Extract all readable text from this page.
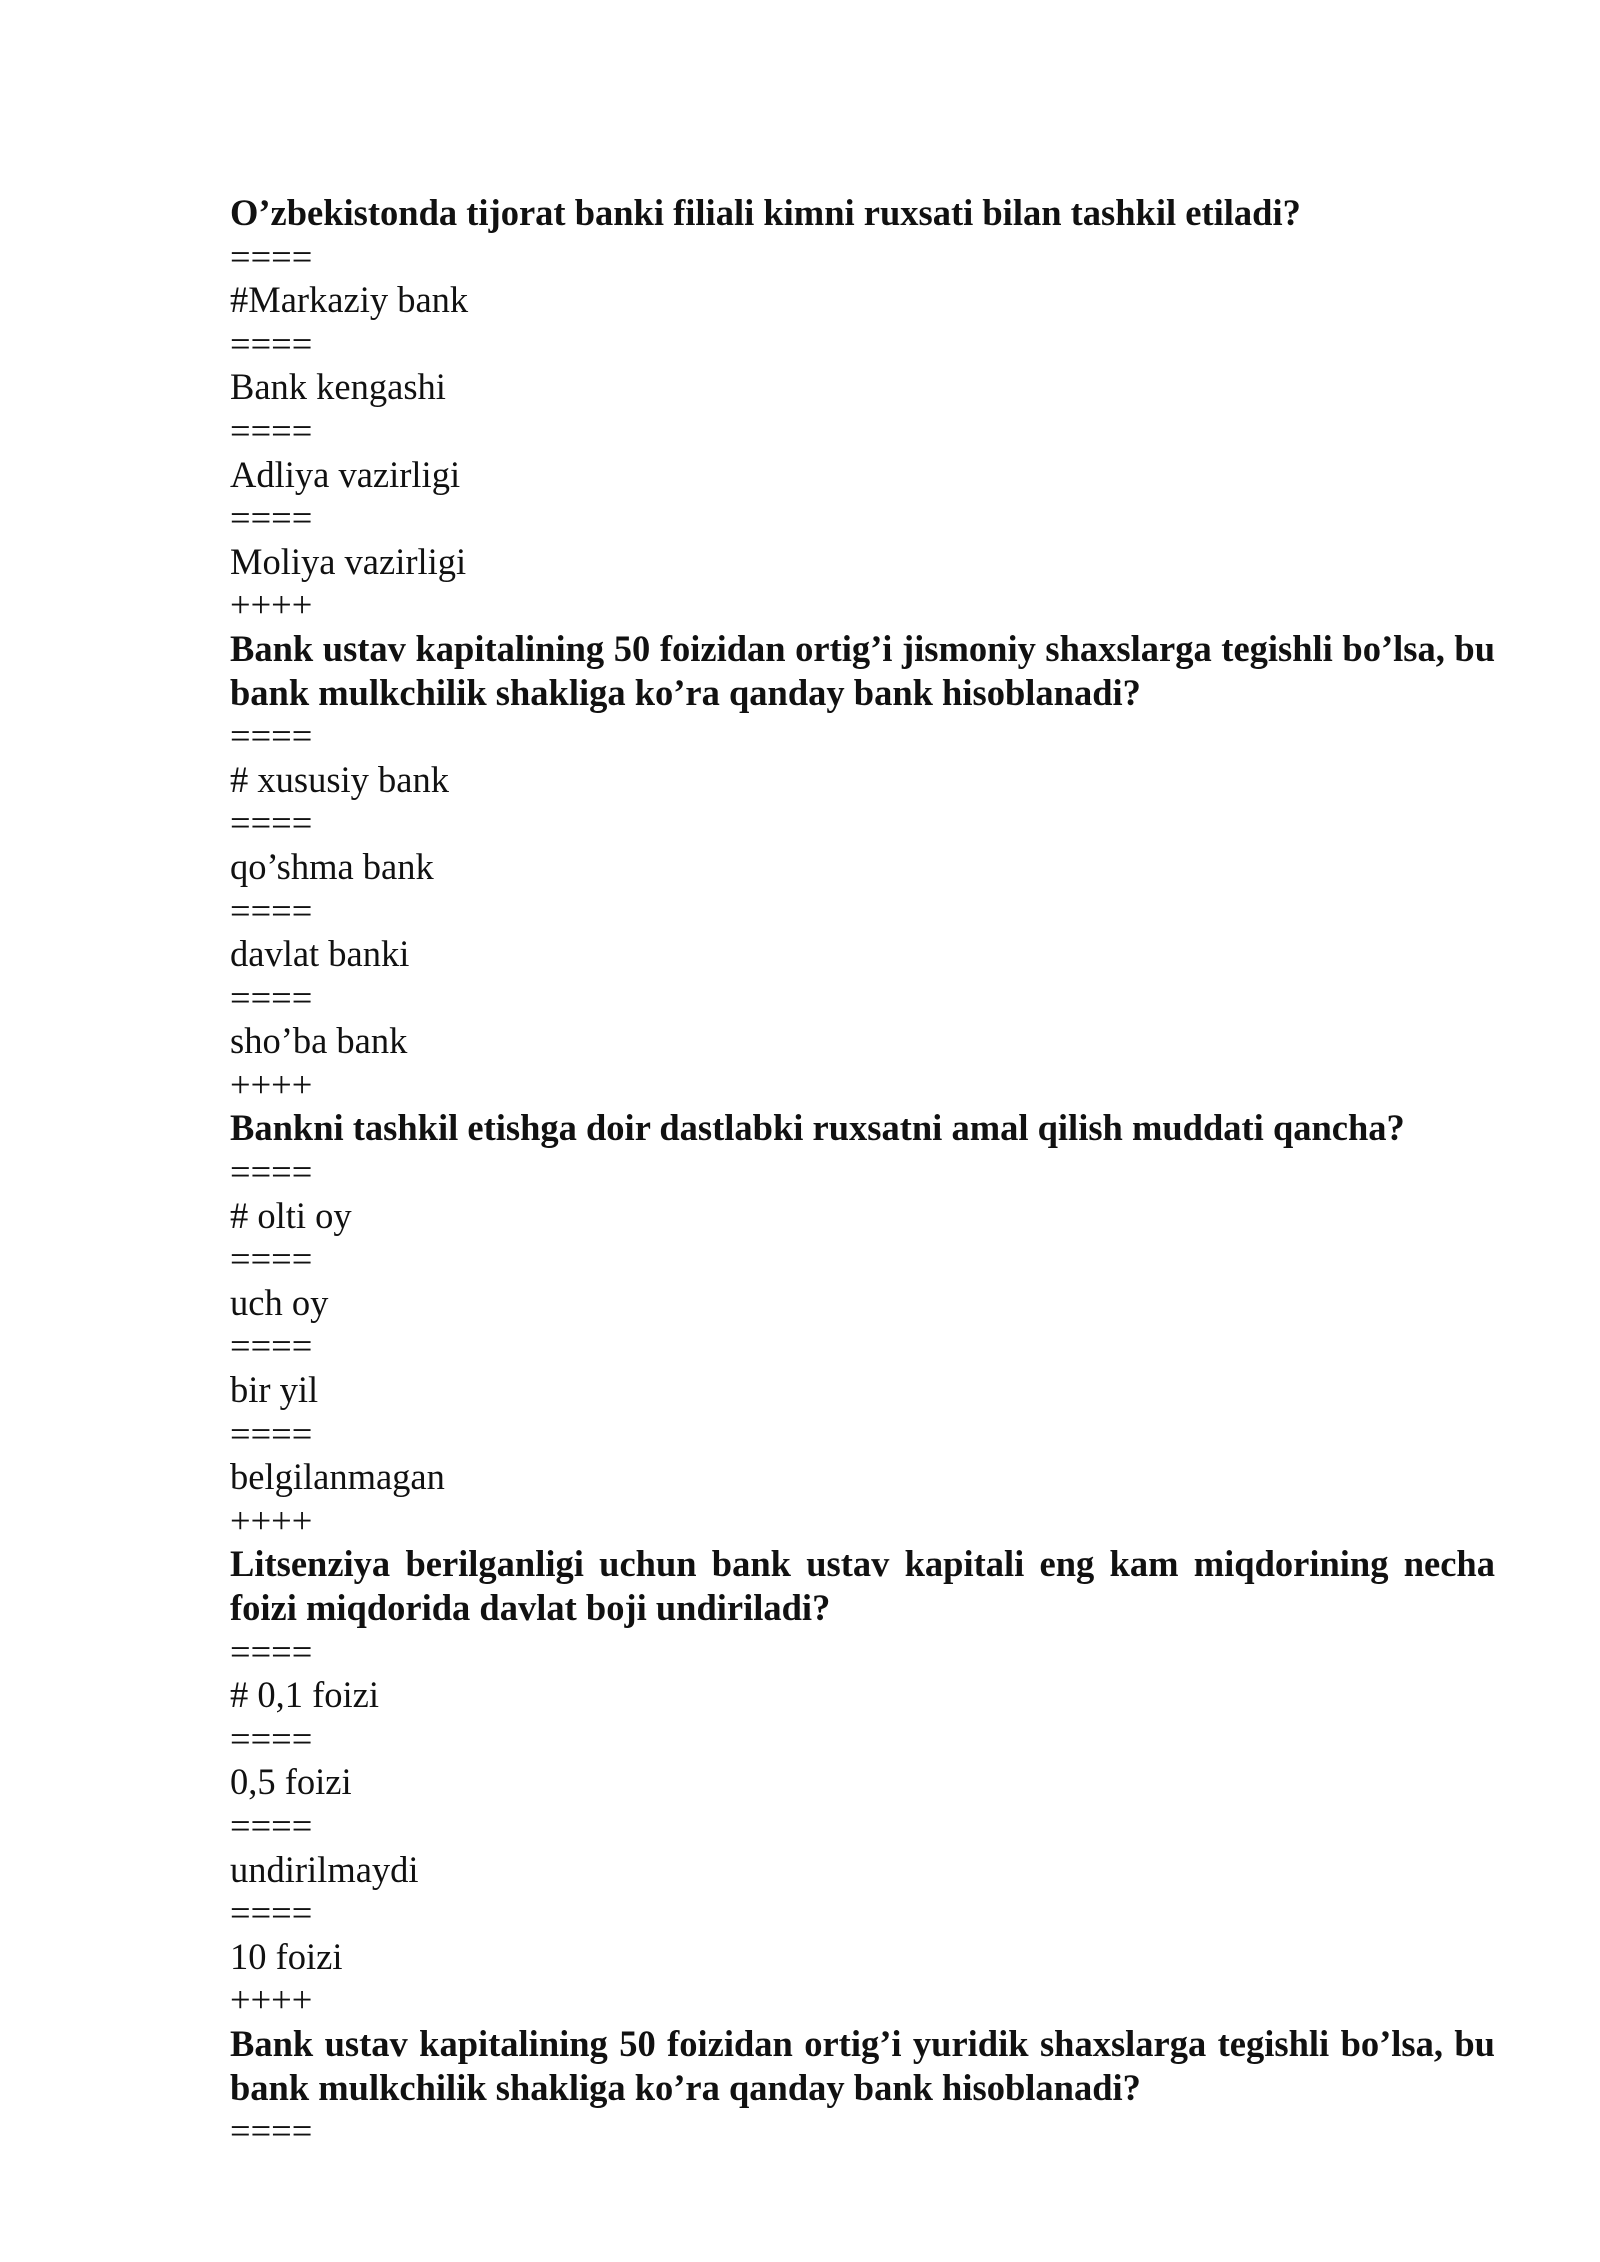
O’zbekistonda tijorat banki filiali kimni ruxsati bilan tashkil etiladi?
====
#Markaziy bank
====
Bank kengashi
====
Adliya vazirligi
====
Moliya vazirligi
++++
Bank ustav kapitalining 50 foizidan ortig’i jismoniy shaxslarga tegishli bo’lsa, bu bank mulkchilik shakliga ko’ra qanday bank hisoblanadi?
====
# xususiy bank
====
qo’shma bank
====
davlat banki
====
sho’ba bank
++++
Bankni tashkil etishga doir dastlabki ruxsatni amal qilish muddati qancha?
====
# olti oy
====
uch oy
====
bir yil
====
belgilanmagan
++++
Litsenziya berilganligi uchun bank ustav kapitali eng kam miqdorining necha foizi miqdorida davlat boji undiriladi?
====
# 0,1 foizi
====
0,5 foizi
====
undirilmaydi
====
10 foizi
++++
Bank ustav kapitalining 50 foizidan ortig’i yuridik shaxslarga tegishli bo’lsa, bu bank mulkchilik shakliga ko’ra qanday bank hisoblanadi?
====
